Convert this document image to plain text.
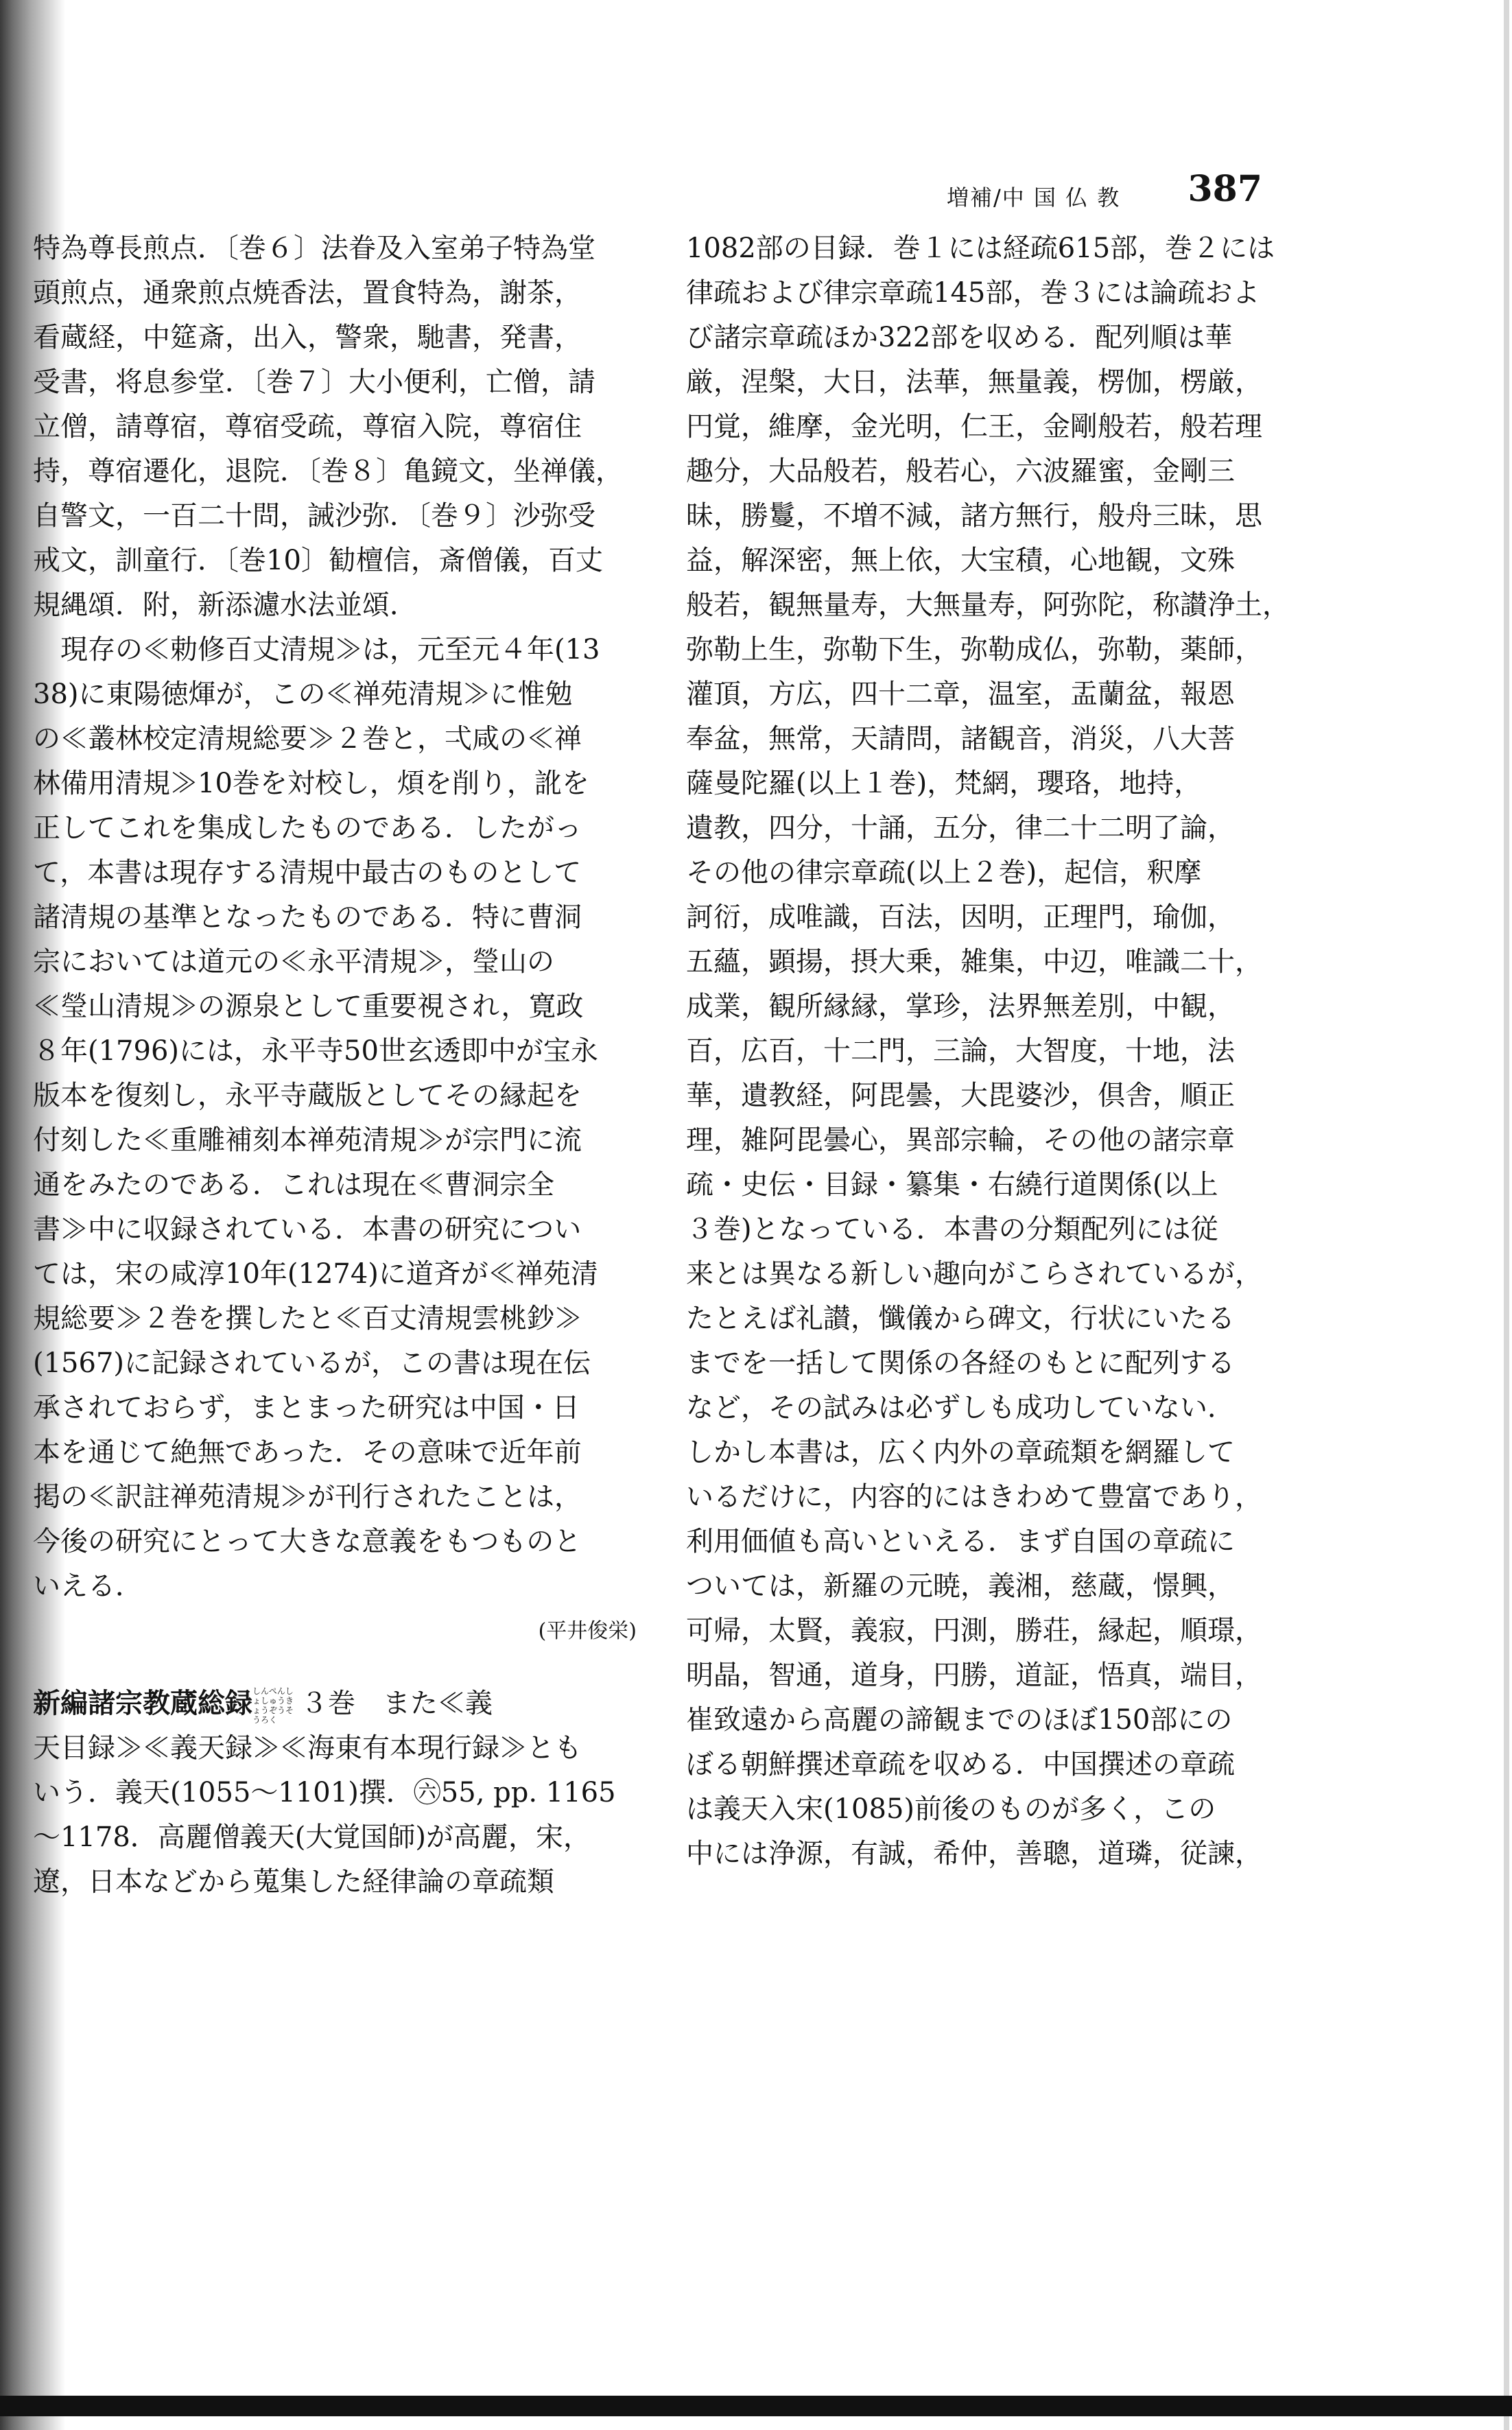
増補/中 国 仏 教 387
特為尊長煎点．〔巻６〕法眷及入室弟子特為堂
頭煎点，通衆煎点焼香法，置食特為，謝茶，
看蔵経，中筵斎，出入，警衆，馳書，発書，
受書，将息参堂．〔巻７〕大小便利，亡僧，請
立僧，請尊宿，尊宿受疏，尊宿入院，尊宿住
持，尊宿遷化，退院．〔巻８〕亀鏡文，坐禅儀，
自警文，一百二十問，誡沙弥．〔巻９〕沙弥受
戒文，訓童行．〔巻10〕勧檀信，斎僧儀，百丈
規縄頌．附，新添濾水法並頌．
　現存の≪勅修百丈清規≫は，元至元４年(13
38)に東陽徳煇が，この≪禅苑清規≫に惟勉
の≪叢林校定清規総要≫２巻と，弌咸の≪禅
林備用清規≫10巻を対校し，煩を削り，訛を
正してこれを集成したものである．したがっ
て，本書は現存する清規中最古のものとして
諸清規の基準となったものである．特に曹洞
宗においては道元の≪永平清規≫，瑩山の
≪瑩山清規≫の源泉として重要視され，寛政
８年(1796)には，永平寺50世玄透即中が宝永
版本を復刻し，永平寺蔵版としてその縁起を
付刻した≪重雕補刻本禅苑清規≫が宗門に流
通をみたのである．これは現在≪曹洞宗全
書≫中に収録されている．本書の研究につい
ては，宋の咸淳10年(1274)に道斉が≪禅苑清
規総要≫２巻を撰したと≪百丈清規雲桃鈔≫
(1567)に記録されているが，この書は現在伝
承されておらず，まとまった研究は中国・日
本を通じて絶無であった．その意味で近年前
掲の≪訳註禅苑清規≫が刊行されたことは，
今後の研究にとって大きな意義をもつものと
いえる．
(平井俊栄)
新編諸宗教蔵総録しんぺんしょしゅうきょうぞうそうろく３巻　また≪義
天目録≫≪義天録≫≪海東有本現行録≫とも
いう．義天(1055〜1101)撰．㊅55, pp. 1165
〜1178．高麗僧義天(大覚国師)が高麗，宋，
遼，日本などから蒐集した経律論の章疏類
1082部の目録．巻１には経疏615部，巻２には
律疏および律宗章疏145部，巻３には論疏およ
び諸宗章疏ほか322部を収める．配列順は華
厳，涅槃，大日，法華，無量義，楞伽，楞厳，
円覚，維摩，金光明，仁王，金剛般若，般若理
趣分，大品般若，般若心，六波羅蜜，金剛三
昧，勝鬘，不増不減，諸方無行，般舟三昧，思
益，解深密，無上依，大宝積，心地観，文殊
般若，観無量寿，大無量寿，阿弥陀，称讃浄土，
弥勒上生，弥勒下生，弥勒成仏，弥勒，薬師，
灌頂，方広，四十二章，温室，盂蘭盆，報恩
奉盆，無常，天請問，諸観音，消災，八大菩
薩曼陀羅(以上１巻)，梵網，瓔珞，地持，
遺教，四分，十誦，五分，律二十二明了論，
その他の律宗章疏(以上２巻)，起信，釈摩
訶衍，成唯識，百法，因明，正理門，瑜伽，
五蘊，顕揚，摂大乗，雑集，中辺，唯識二十，
成業，観所縁縁，掌珍，法界無差別，中観，
百，広百，十二門，三論，大智度，十地，法
華，遺教経，阿毘曇，大毘婆沙，倶舎，順正
理，雑阿毘曇心，異部宗輪，その他の諸宗章
疏・史伝・目録・纂集・右繞行道関係(以上
３巻)となっている．本書の分類配列には従
来とは異なる新しい趣向がこらされているが，
たとえば礼讃，懺儀から碑文，行状にいたる
までを一括して関係の各経のもとに配列する
など，その試みは必ずしも成功していない．
しかし本書は，広く内外の章疏類を網羅して
いるだけに，内容的にはきわめて豊富であり，
利用価値も高いといえる．まず自国の章疏に
ついては，新羅の元暁，義湘，慈蔵，憬興，
可帰，太賢，義寂，円測，勝荘，縁起，順璟，
明晶，智通，道身，円勝，道証，悟真，端目，
崔致遠から高麗の諦観までのほぼ150部にの
ぼる朝鮮撰述章疏を収める．中国撰述の章疏
は義天入宋(1085)前後のものが多く，この
中には浄源，有誠，希仲，善聰，道璘，従諫，
